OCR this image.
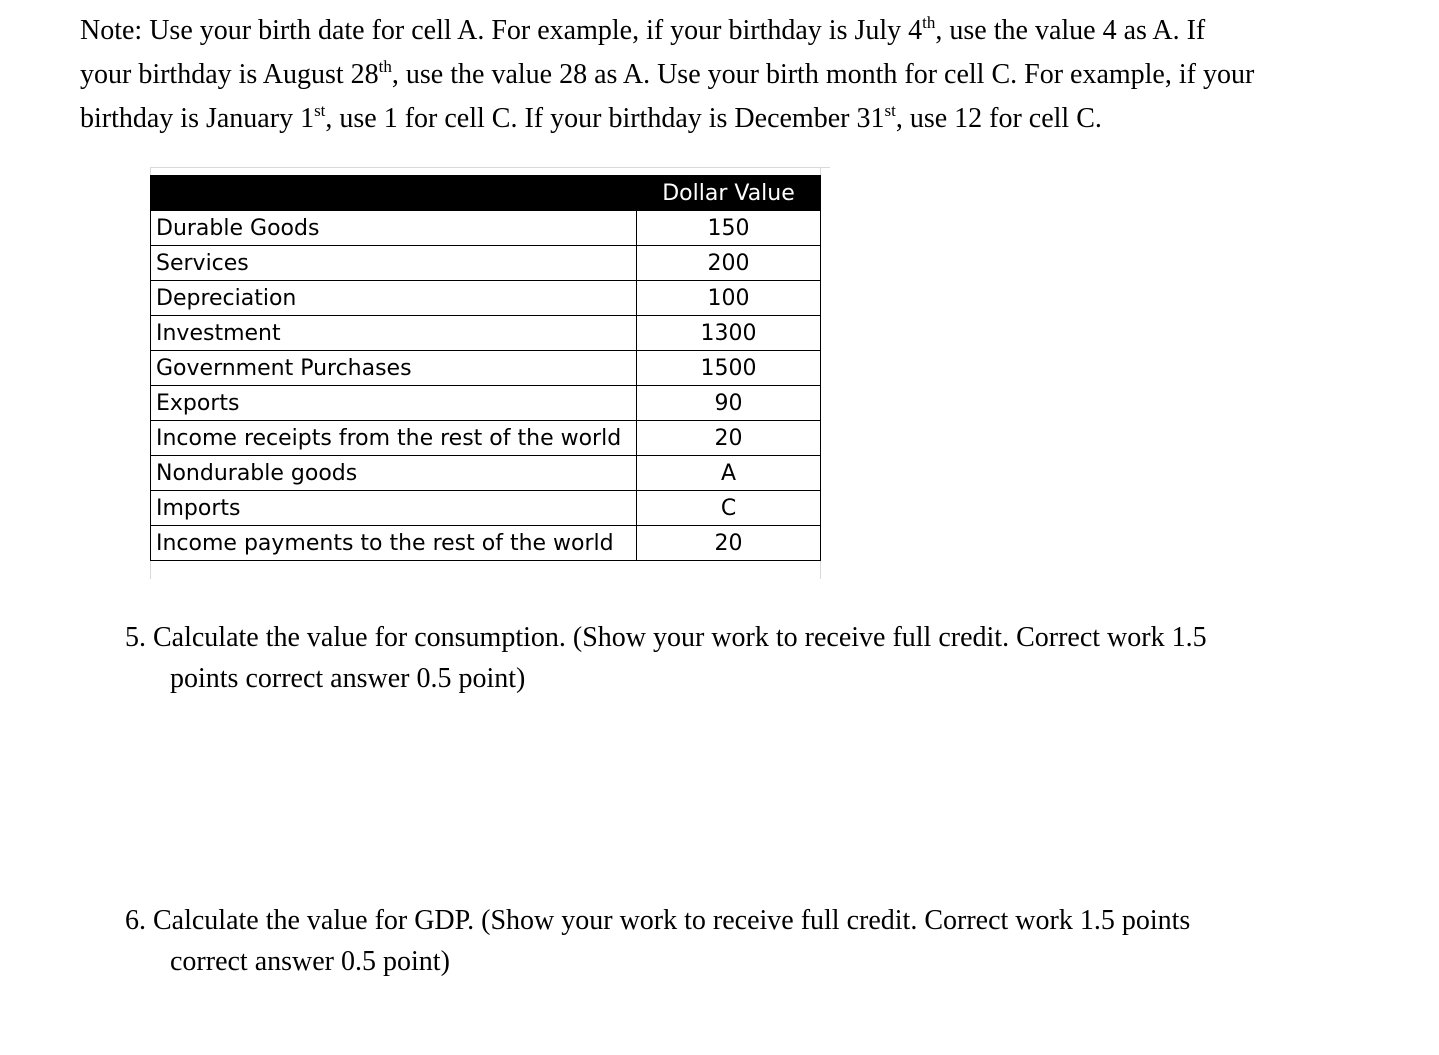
Note: Use your birth date for cell A. For example, if your birthday is July 4th, use the value 4 as A. If

your birthday is August 28th, use the value 28 as A. Use your birth month for cell C. For example, if your

birthday is January 1st, use 1 for cell C. If your birthday is December 31st, use 12 for cell C.

	Dollar Value
Durable Goods	150
Services	200
Depreciation	100
Investment	1300
Government Purchases	1500
Exports	90
Income receipts from the rest of the world	20
Nondurable goods	A
Imports	C
Income payments to the rest of the world	20
5. Calculate the value for consumption. (Show your work to receive full credit. Correct work 1.5
points correct answer 0.5 point)
6. Calculate the value for GDP. (Show your work to receive full credit. Correct work 1.5 points
correct answer 0.5 point)
